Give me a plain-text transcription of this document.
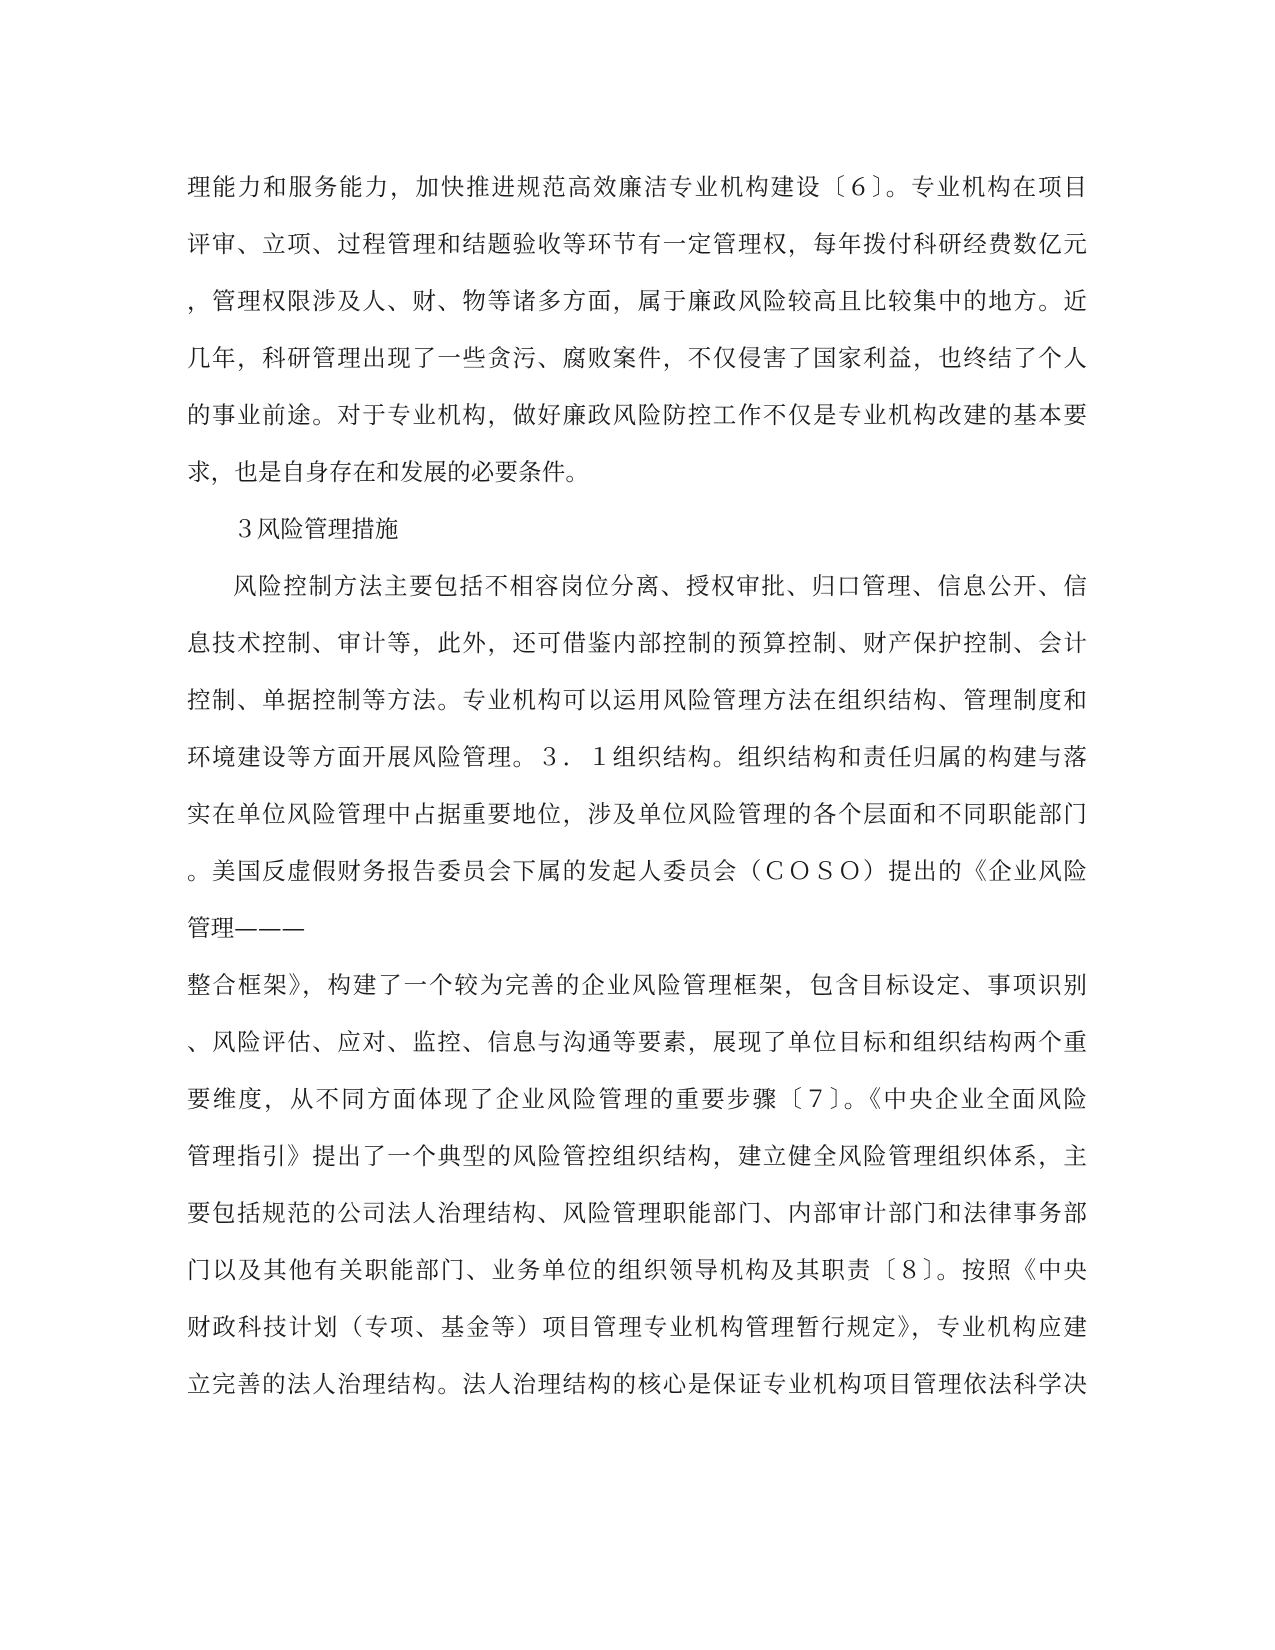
理能力和服务能力，加快推进规范高效廉洁专业机构建设〔６〕。专业机构在项目
评审、立项、过程管理和结题验收等环节有一定管理权，每年拨付科研经费数亿元
，管理权限涉及人、财、物等诸多方面，属于廉政风险较高且比较集中的地方。近
几年，科研管理出现了一些贪污、腐败案件，不仅侵害了国家利益，也终结了个人
的事业前途。对于专业机构，做好廉政风险防控工作不仅是专业机构改建的基本要
求，也是自身存在和发展的必要条件。
３风险管理措施
风险控制方法主要包括不相容岗位分离、授权审批、归口管理、信息公开、信
息技术控制、审计等，此外，还可借鉴内部控制的预算控制、财产保护控制、会计
控制、单据控制等方法。专业机构可以运用风险管理方法在组织结构、管理制度和
环境建设等方面开展风险管理。３．１组织结构。组织结构和责任归属的构建与落
实在单位风险管理中占据重要地位，涉及单位风险管理的各个层面和不同职能部门
。美国反虚假财务报告委员会下属的发起人委员会（ＣＯＳＯ）提出的《企业风险
管理———
整合框架》，构建了一个较为完善的企业风险管理框架，包含目标设定、事项识别
、风险评估、应对、监控、信息与沟通等要素，展现了单位目标和组织结构两个重
要维度，从不同方面体现了企业风险管理的重要步骤〔７〕。《中央企业全面风险
管理指引》提出了一个典型的风险管控组织结构，建立健全风险管理组织体系，主
要包括规范的公司法人治理结构、风险管理职能部门、内部审计部门和法律事务部
门以及其他有关职能部门、业务单位的组织领导机构及其职责〔８〕。按照《中央
财政科技计划（专项、基金等）项目管理专业机构管理暂行规定》，专业机构应建
立完善的法人治理结构。法人治理结构的核心是保证专业机构项目管理依法科学决
